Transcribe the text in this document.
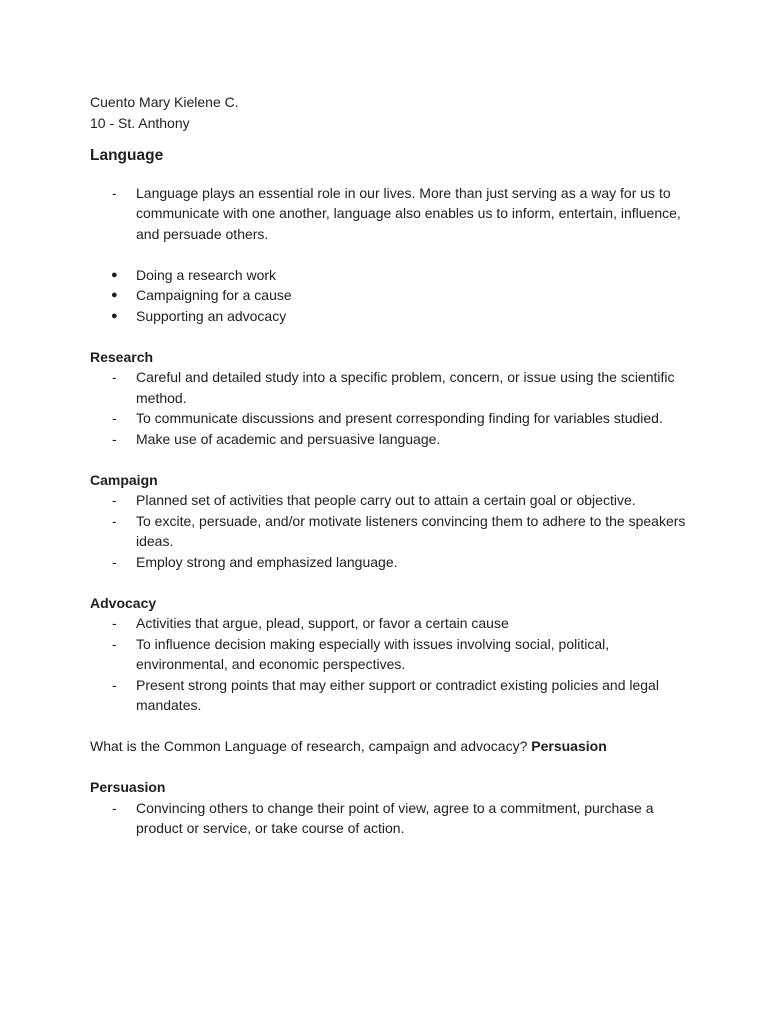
Cuento Mary Kielene C.

10 - St. Anthony

Language

- Language plays an essential role in our lives. More than just serving as a way for us to communicate with one another, language also enables us to inform, entertain, influence, and persuade others.
● Doing a research work
● Campaigning for a cause
● Supporting an advocacy

Research

- Careful and detailed study into a specific problem, concern, or issue using the scientific method.
- To communicate discussions and present corresponding finding for variables studied.
- Make use of academic and persuasive language.

Campaign

- Planned set of activities that people carry out to attain a certain goal or objective.
- To excite, persuade, and/or motivate listeners convincing them to adhere to the speakers ideas.
- Employ strong and emphasized language.

Advocacy

- Activities that argue, plead, support, or favor a certain cause
- To influence decision making especially with issues involving social, political, environmental, and economic perspectives.
- Present strong points that may either support or contradict existing policies and legal mandates.

What is the Common Language of research, campaign and advocacy? Persuasion

Persuasion

- Convincing others to change their point of view, agree to a commitment, purchase a product or service, or take course of action.
